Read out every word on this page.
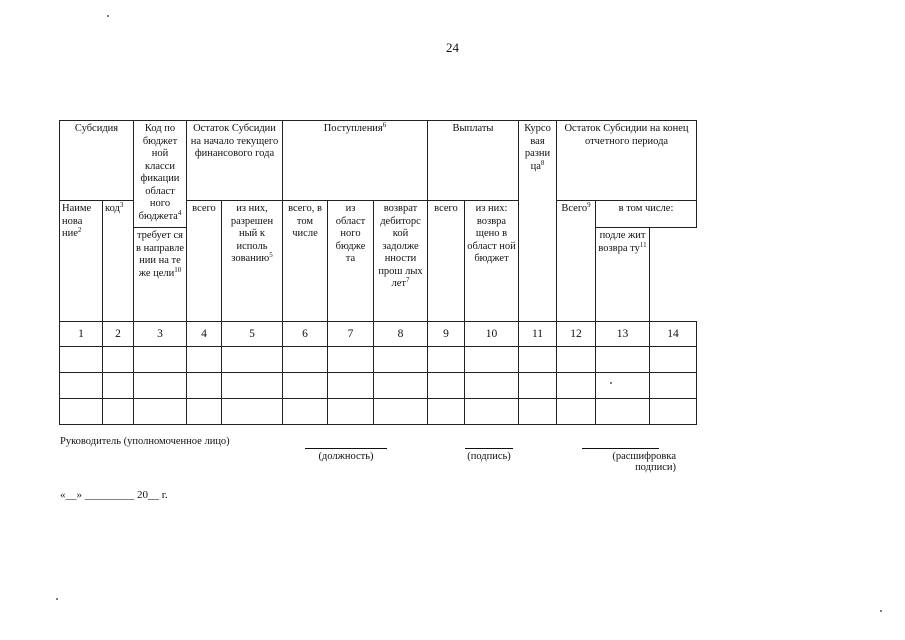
24
Субсидия		Код по бюджет ной класси фикации област ного бюджета$^4$	Остаток Субсидии на начало текущего финансового года		Поступления$^6$			Выплаты		Курсо вая разни $ца^8$	Остаток Субсидии на конец отчетного периода		
Наиме нова ние$^2$	код$^3$		всего	из них, разрешен ный к исполь зованию$^5$	всего, в том числе	из област ного бюдже та	возврат дебиторс кой задолже нности прош лых лет$^7$	всего	из них: возвра щено в област ной бюджет		Всего$^9$	в том числе:	
		требует ся в направле нии на те же цели$^{10}$										подле жит возвра $ту^{11}$
1	2	3	4	5	6	7	8	9	10	11	12	13	14

Руководитель (уполномоченное лицо)
(должность)	(подпись)	(расшифровка подписи)
«__» _________ 20__ г.
